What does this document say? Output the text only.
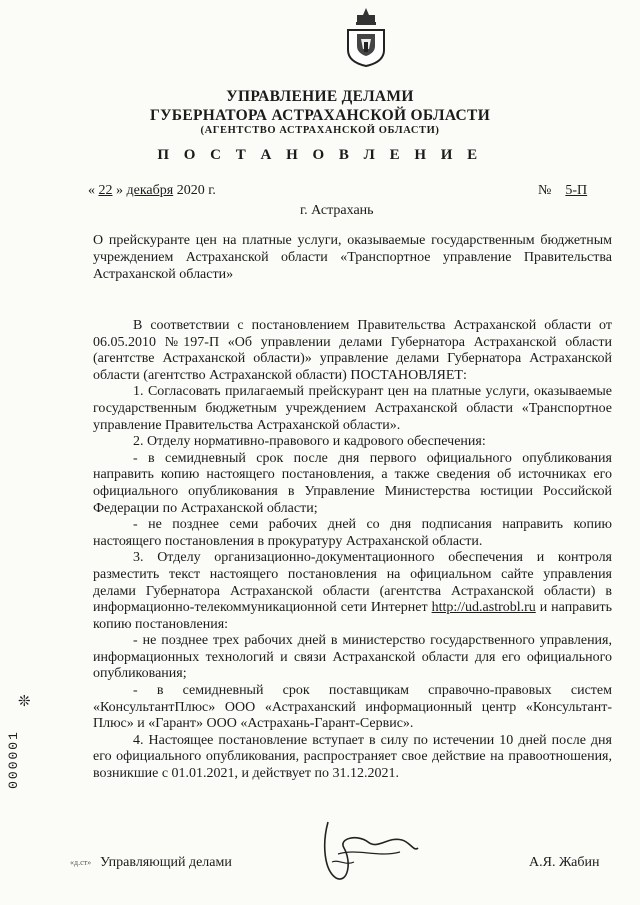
УПРАВЛЕНИЕ ДЕЛАМИ
ГУБЕРНАТОРА АСТРАХАНСКОЙ ОБЛАСТИ
(АГЕНТСТВО АСТРАХАНСКОЙ ОБЛАСТИ)
П О С Т А Н О В Л Е Н И Е
« 22 » декабря 2020 г.	№ 5-П
г. Астрахань
О прейскуранте цен на платные услуги, оказываемые государственным бюджетным учреждением Астраханской области «Транспортное управление Правительства Астраханской области»

В соответствии с постановлением Правительства Астраханской области от 06.05.2010 №197-П «Об управлении делами Губернатора Астраханской области (агентстве Астраханской области)» управление делами Губернатора Астраханской области (агентство Астраханской области) ПОСТАНОВЛЯЕТ:

1. Согласовать прилагаемый прейскурант цен на платные услуги, оказываемые государственным бюджетным учреждением Астраханской области «Транспортное управление Правительства Астраханской области».

2. Отделу нормативно-правового и кадрового обеспечения:

- в семидневный срок после дня первого официального опубликования направить копию настоящего постановления, а также сведения об источниках его официального опубликования в Управление Министерства юстиции Российской Федерации по Астраханской области;

- не позднее семи рабочих дней со дня подписания направить копию настоящего постановления в прокуратуру Астраханской области.

3. Отделу организационно-документационного обеспечения и контроля разместить текст настоящего постановления на официальном сайте управления делами Губернатора Астраханской области (агентства Астраханской области) в информационно-телекоммуникационной сети Интернет http://ud.astrobl.ru и направить копию постановления:

- не позднее трех рабочих дней в министерство государственного управления, информационных технологий и связи Астраханской области для его официального опубликования;

- в семидневный срок поставщикам справочно-правовых систем «КонсультантПлюс» ООО «Астраханский информационный центр «Консультант-Плюс» и «Гарант» ООО «Астрахань-Гарант-Сервис».

4. Настоящее постановление вступает в силу по истечении 10 дней после дня его официального опубликования, распространяет свое действие на правоотношения, возникшие с 01.01.2021, и действует по 31.12.2021.

«д.ст» Управляющий делами	А.Я. Жабин
❊
000001
